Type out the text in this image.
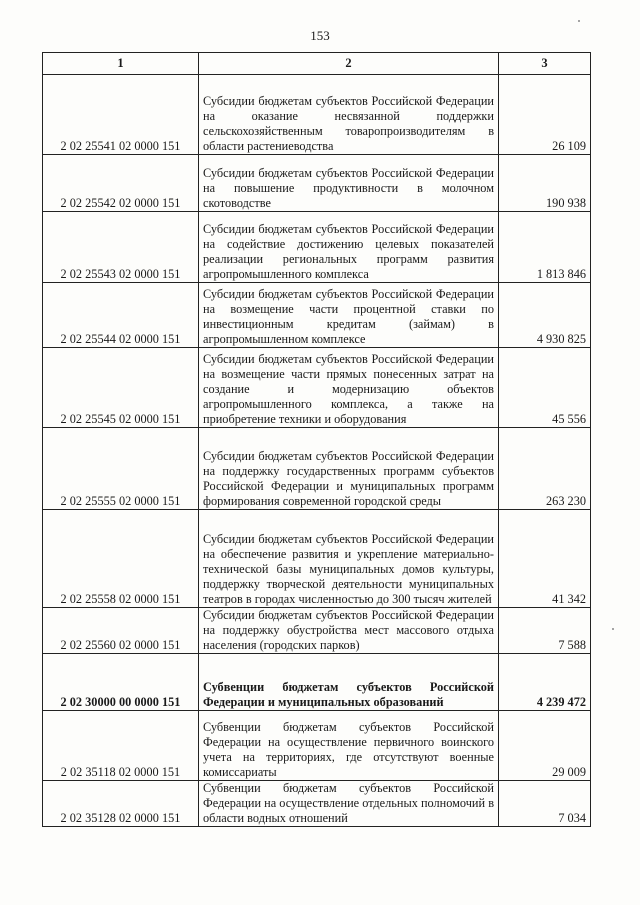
153
1	2	3
2 02 25541 02 0000 151	Субсидии бюджетам субъектов Российской Федерации на оказание несвязанной поддержки сельскохозяйственным товаропроизводителям в области растениеводства	26 109
2 02 25542 02 0000 151	Субсидии бюджетам субъектов Российской Федерации на повышение продуктивности в молочном скотоводстве	190 938
2 02 25543 02 0000 151	Субсидии бюджетам субъектов Российской Федерации на содействие достижению целевых показателей реализации региональных программ развития агропромышленного комплекса	1 813 846
2 02 25544 02 0000 151	Субсидии бюджетам субъектов Российской Федерации на возмещение части процентной ставки по инвестиционным кредитам (займам) в агропромышленном комплексе	4 930 825
2 02 25545 02 0000 151	Субсидии бюджетам субъектов Российской Федерации на возмещение части прямых понесенных затрат на создание и модернизацию объектов агропромышленного комплекса, а также на приобретение техники и оборудования	45 556
2 02 25555 02 0000 151	Субсидии бюджетам субъектов Российской Федерации на поддержку государственных программ субъектов Российской Федерации и муниципальных программ формирования современной городской среды	263 230
2 02 25558 02 0000 151	Субсидии бюджетам субъектов Российской Федерации на обеспечение развития и укрепление материально-технической базы муниципальных домов культуры, поддержку творческой деятельности муниципальных театров в городах численностью до 300 тысяч жителей	41 342
2 02 25560 02 0000 151	Субсидии бюджетам субъектов Российской Федерации на поддержку обустройства мест массового отдыха населения (городских парков)	7 588
2 02 30000 00 0000 151	Субвенции бюджетам субъектов Российской Федерации и муниципальных образований	4 239 472
2 02 35118 02 0000 151	Субвенции бюджетам субъектов Российской Федерации на осуществление первичного воинского учета на территориях, где отсутствуют военные комиссариаты	29 009
2 02 35128 02 0000 151	Субвенции бюджетам субъектов Российской Федерации на осуществление отдельных полномочий в области водных отношений	7 034
